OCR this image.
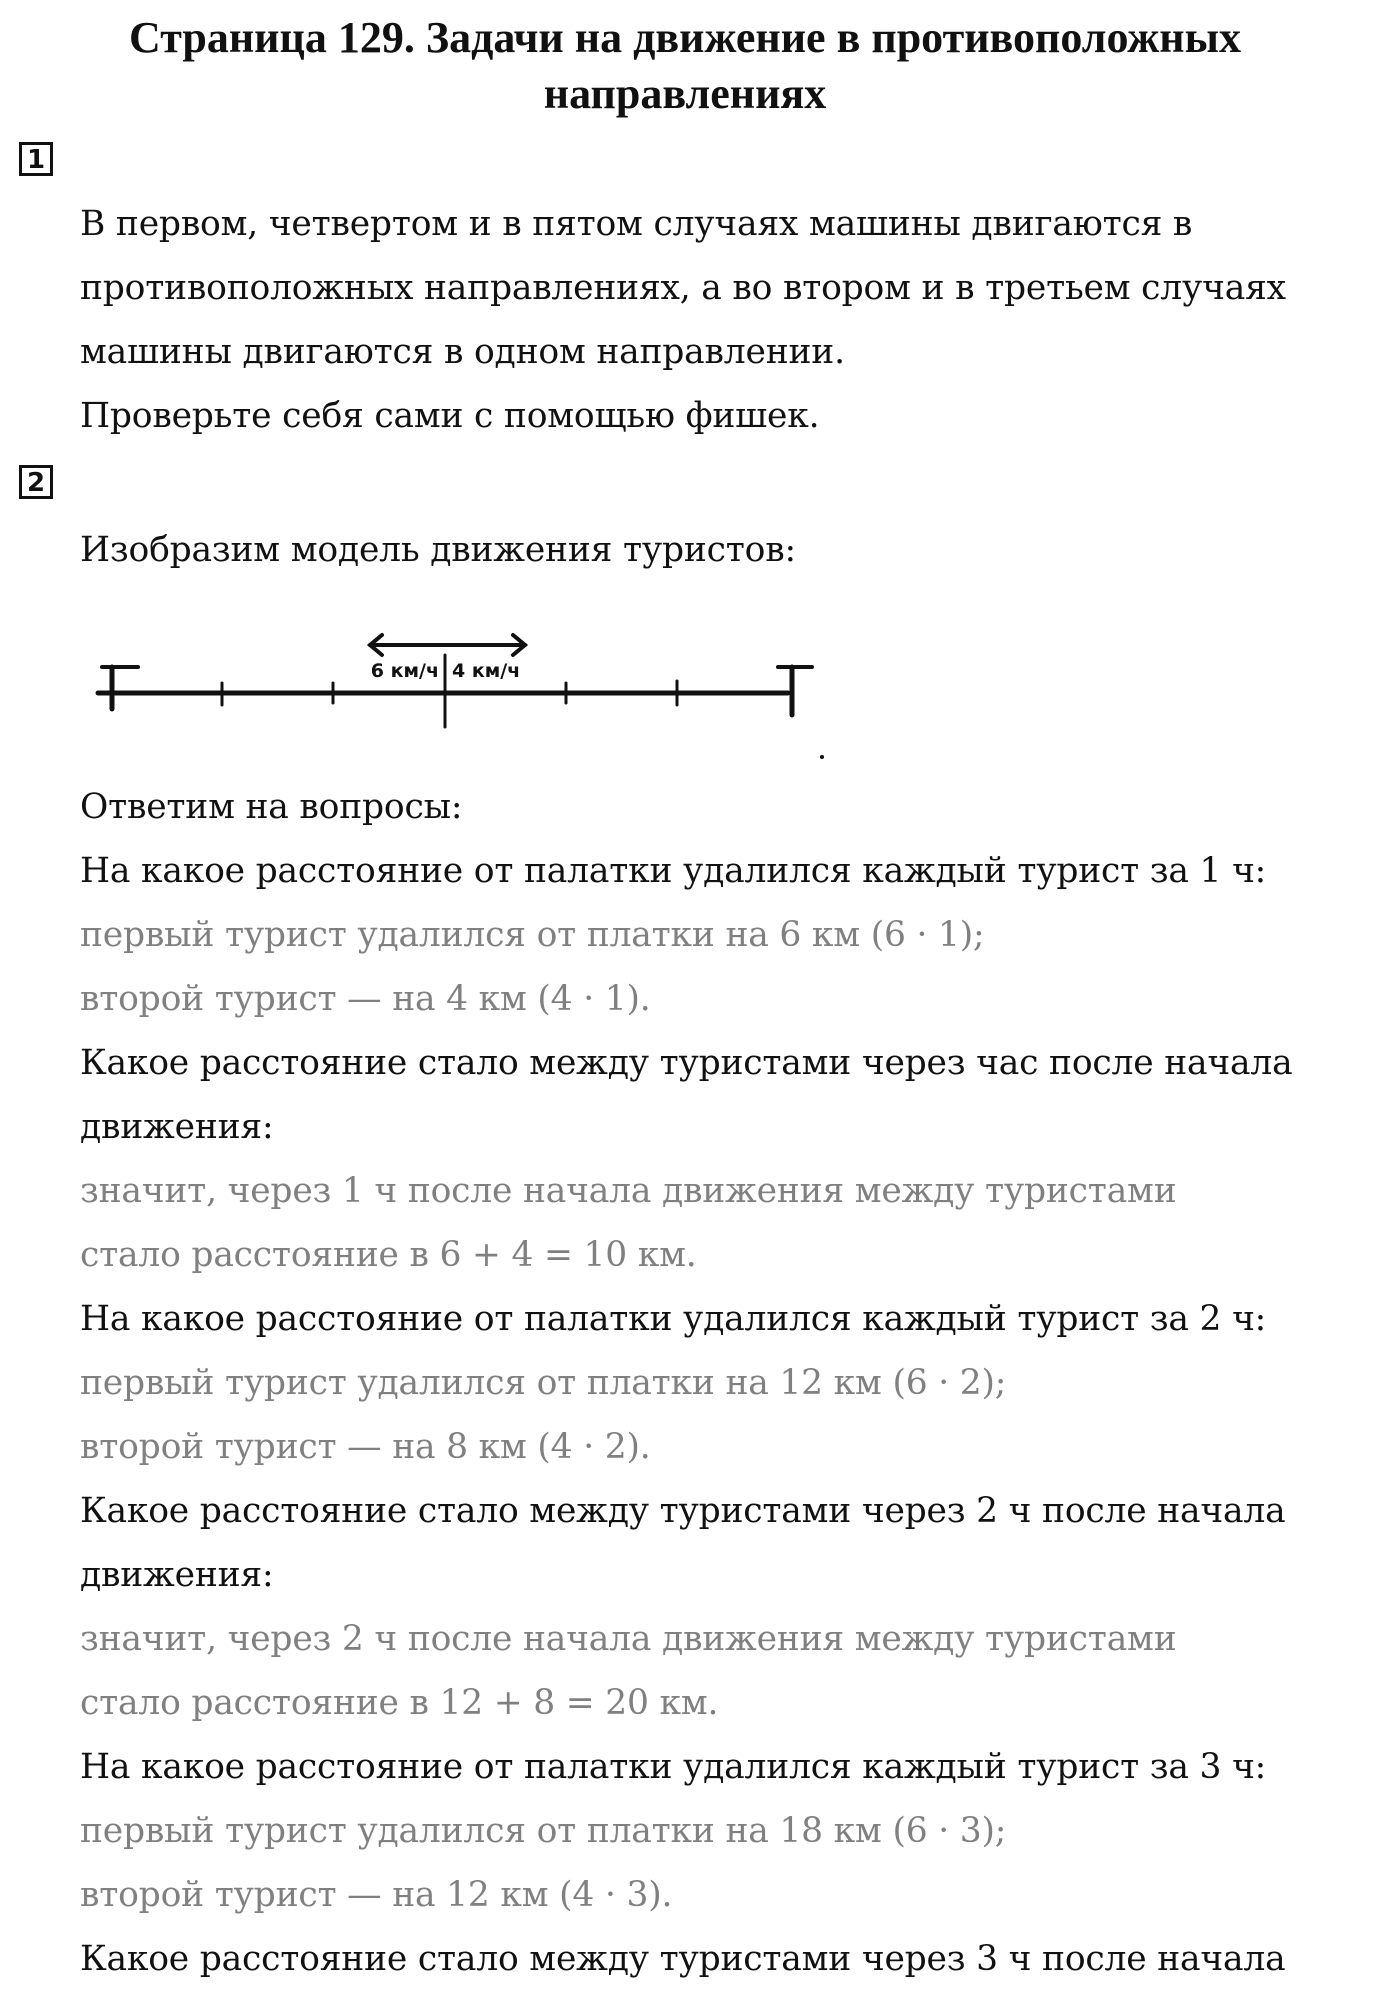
Страница 129. Задачи на движение в противоположных направлениях
1
В первом, четвертом и в пятом случаях машины двигаются в
противоположных направлениях, а во втором и в третьем случаях
машины двигаются в одном направлении.
Проверьте себя сами с помощью фишек.
2
Изобразим модель движения туристов:
6 км/ч 4 км/ч
Ответим на вопросы:
На какое расстояние от палатки удалился каждый турист за 1 ч:
первый турист удалился от платки на 6 км (6 · 1);
второй турист — на 4 км (4 · 1).
Какое расстояние стало между туристами через час после начала
движения:
значит, через 1 ч после начала движения между туристами
стало расстояние в 6 + 4 = 10 км.
На какое расстояние от палатки удалился каждый турист за 2 ч:
первый турист удалился от платки на 12 км (6 · 2);
второй турист — на 8 км (4 · 2).
Какое расстояние стало между туристами через 2 ч после начала
движения:
значит, через 2 ч после начала движения между туристами
стало расстояние в 12 + 8 = 20 км.
На какое расстояние от палатки удалился каждый турист за 3 ч:
первый турист удалился от платки на 18 км (6 · 3);
второй турист — на 12 км (4 · 3).
Какое расстояние стало между туристами через 3 ч после начала
